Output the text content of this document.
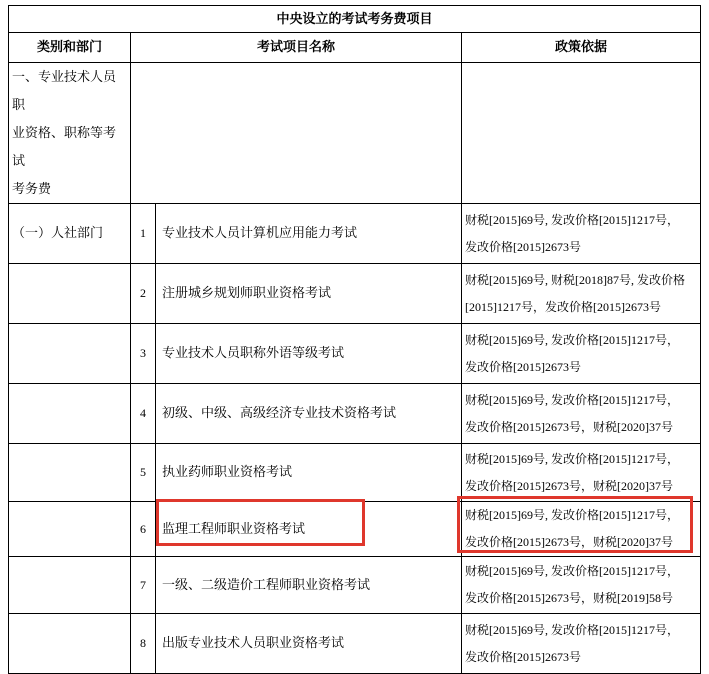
中央设立的考试考务费项目			
类别和部门	考试项目名称		政策依据

一、专业技术人员职
业资格、职称等考试
考务费			

（一）人社部门	1	专业技术人员计算机应用能力考试	财税[2015]69号, 发改价格[2015]1217号，
发改价格[2015]2673号

	2	注册城乡规划师职业资格考试	财税[2015]69号, 财税[2018]87号, 发改价格
[2015]1217号，发改价格[2015]2673号

	3	专业技术人员职称外语等级考试	财税[2015]69号, 发改价格[2015]1217号，
发改价格[2015]2673号

	4	初级、中级、高级经济专业技术资格考试	财税[2015]69号, 发改价格[2015]1217号，
发改价格[2015]2673号，财税[2020]37号

	5	执业药师职业资格考试	财税[2015]69号, 发改价格[2015]1217号，
发改价格[2015]2673号，财税[2020]37号

	6	监理工程师职业资格考试	财税[2015]69号, 发改价格[2015]1217号，
发改价格[2015]2673号，财税[2020]37号

	7	一级、二级造价工程师职业资格考试	财税[2015]69号, 发改价格[2015]1217号，
发改价格[2015]2673号，财税[2019]58号

	8	出版专业技术人员职业资格考试	财税[2015]69号, 发改价格[2015]1217号，
发改价格[2015]2673号
